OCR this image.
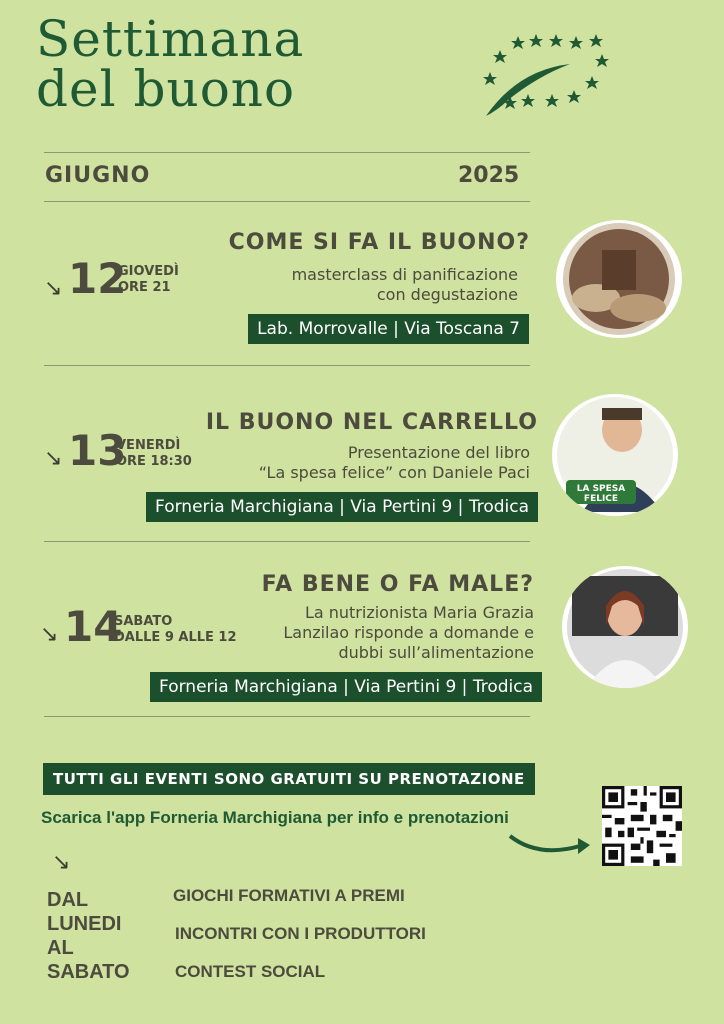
Settimana
del buono
GIUGNO	2025
↘ 12
GIOVEDÌ
ORE 21
COME SI FA IL BUONO?
masterclass di panificazione
con degustazione
Lab. Morrovalle | Via Toscana 7
↘ 13
VENERDÌ
ORE 18:30
IL BUONO NEL CARRELLO
Presentazione del libro
“La spesa felice” con Daniele Paci
Forneria Marchigiana | Via Pertini 9 | Trodica
LA SPESA
FELICE
↘ 14
SABATO
DALLE 9 ALLE 12
FA BENE O FA MALE?
La nutrizionista Maria Grazia
Lanzilao risponde a domande e
dubbi sull’alimentazione
Forneria Marchigiana | Via Pertini 9 | Trodica
TUTTI GLI EVENTI SONO GRATUITI SU PRENOTAZIONE
Scarica l'app Forneria Marchigiana per info e prenotazioni
↘
DAL
LUNEDI
AL
SABATO
GIOCHI FORMATIVI A PREMI
INCONTRI CON I PRODUTTORI
CONTEST SOCIAL
